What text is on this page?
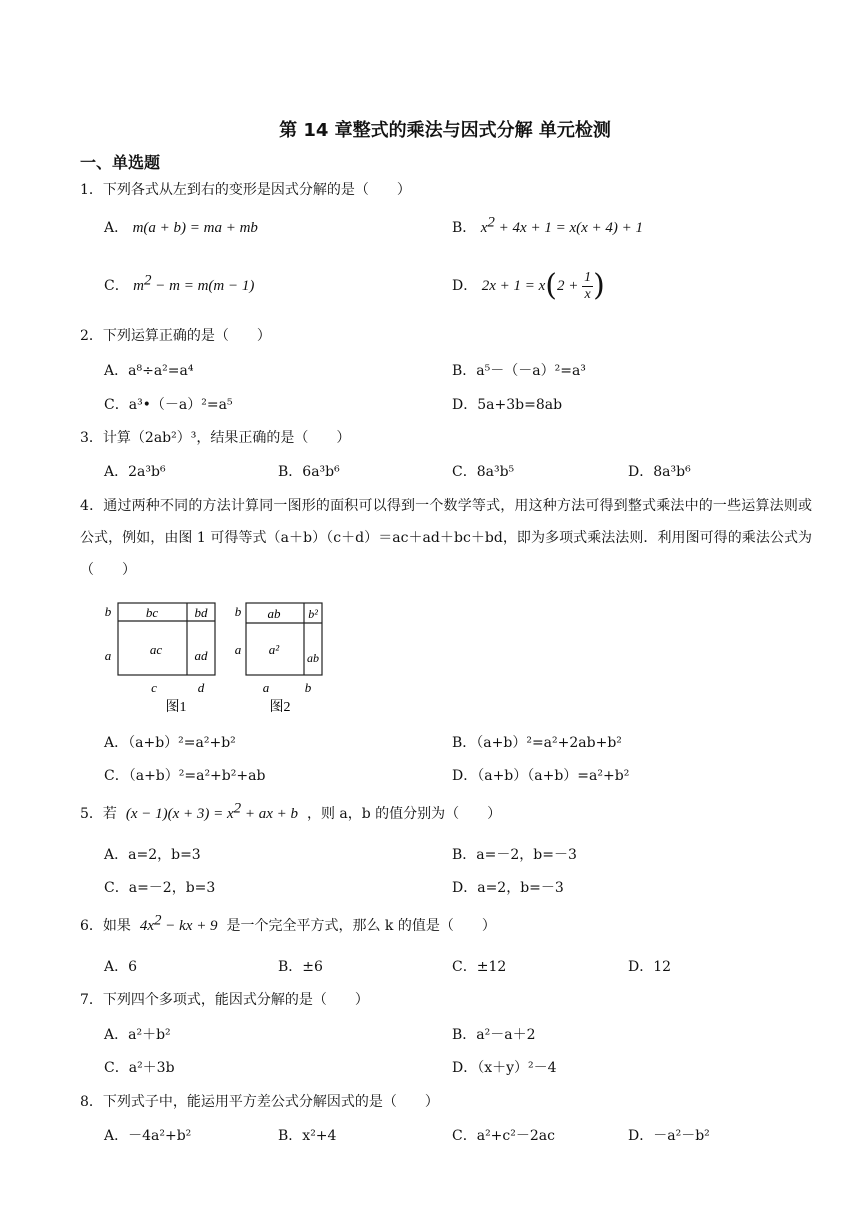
第 14 章整式的乘法与因式分解 单元检测
一、单选题
1．下列各式从左到右的变形是因式分解的是（　　）
A． m(a + b) = ma + mb	B． $x^2 + 4x + 1 = x(x + 4) + 1$
C． $m^2 - m = m(m - 1)$	D． $2x + 1 = x(2 + \frac{1}{x}$ )
2．下列运算正确的是（　　）
A．a⁸÷a²=a⁴	B．a⁵－（－a）²=a³
C．a³•（－a）²=a⁵	D．5a+3b=8ab
3．计算（2ab²）³，结果正确的是（　　）
A．2a³b⁶	B．6a³b⁶	C．8a³b⁵	D．8a³b⁶
4．通过两种不同的方法计算同一图形的面积可以得到一个数学等式，用这种方法可得到整式乘法中的一些运算法则或公式，例如，由图 1 可得等式（a＋b）（c＋d）＝ac＋ad＋bc＋bd，即为多项式乘法法则．利用图可得的乘法公式为（　　）
bc	bd
ac ad
b
a
c	d
图1
ab b²
a²
ab
b
a
a	b
图2
A．（a+b）²=a²+b²	B．（a+b）²=a²+2ab+b²
C．（a+b）²=a²+b²+ab	D．（a+b）（a+b）=a²+b²
5．若 $(x - 1)(x + 3) = x^2$ + ax + b ，则 a，b 的值分别为（　　）
A．a=2，b=3	B．a=－2，b=－3
C．a=－2，b=3	D．a=2，b=－3
6．如果 $4x^2$ − kx + 9 是一个完全平方式，那么 k 的值是（　　）
A．6	B．±6	C．±12	D．12
7．下列四个多项式，能因式分解的是（　　）
A．a²＋b²	B．a²－a＋2
C．a²＋3b	D．（x＋y）²－4
8．下列式子中，能运用平方差公式分解因式的是（　　）
A．－4a²+b²	B．x²+4	C．a²+c²－2ac	D．－a²－b²
